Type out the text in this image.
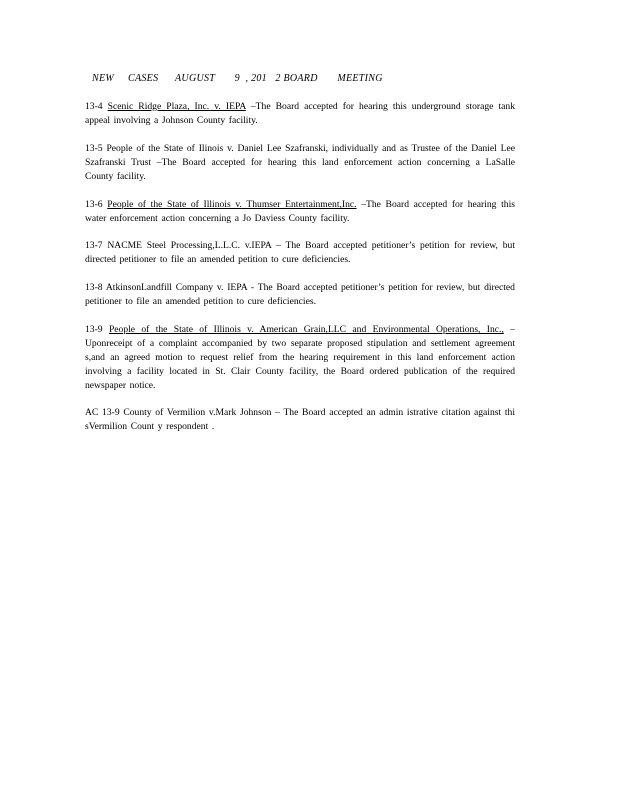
NEW     CASES      AUGUST       9  , 201   2 BOARD       MEETING
13-4 Scenic Ridge Plaza, Inc. v. IEPA –The Board accepted for hearing this underground storage tank appeal involving a Johnson County facility.
13-5 People of the State of Ilinois v. Daniel Lee Szafranski, individually and as Trustee of the Daniel Lee Szafranski Trust –The Board accepted for hearing this land enforcement action concerning a LaSalle County facility.
13-6 People of the State of Illinois v. Thumser Entertainment,Inc. –The Board accepted for hearing this water enforcement action concerning a Jo Daviess County facility.
13-7 NACME Steel Processing,L.L.C. v.IEPA – The Board accepted petitioner’s petition for review, but directed petitioner to file an amended petition to cure deficiencies.
13-8 AtkinsonLandfill Company v. IEPA - The Board accepted petitioner’s petition for review, but directed petitioner to file an amended petition to cure deficiencies.
13-9 People of the State of Illinois v. American Grain,LLC and Environmental Operations, Inc., –Uponreceipt of a complaint accompanied by two separate proposed stipulation and settlement agreement s,and an agreed motion to request relief from the hearing requirement in this land enforcement action involving a facility located in St. Clair County facility, the Board ordered publication of the required newspaper notice.
AC 13-9 County of Vermilion v.Mark Johnson – The Board accepted an admin istrative citation against thi sVermilion Count y respondent .
